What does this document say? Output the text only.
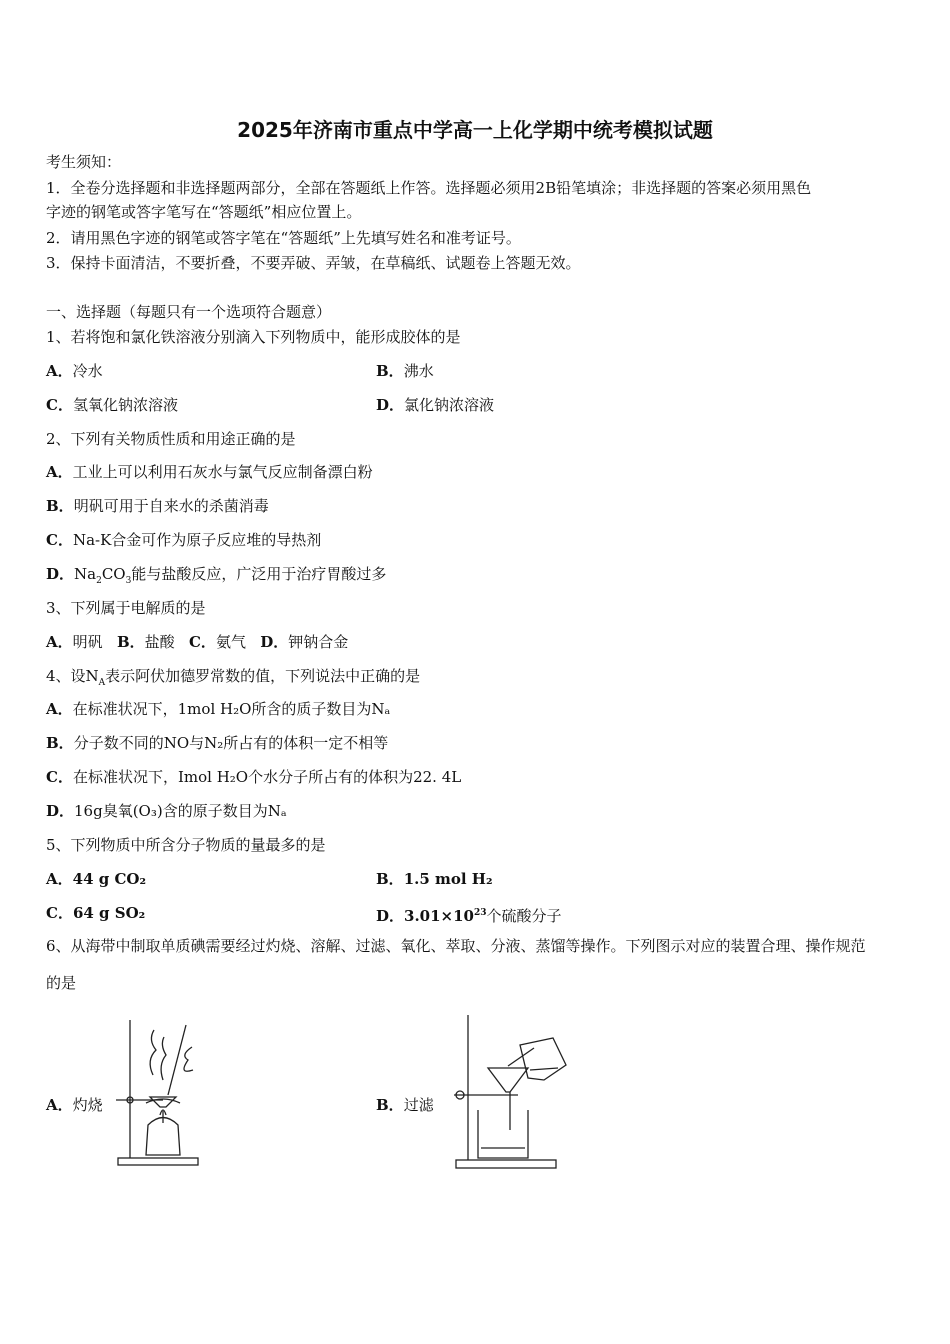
2025年济南市重点中学高一上化学期中统考模拟试题
考生须知：
1．全卷分选择题和非选择题两部分，全部在答题纸上作答。选择题必须用2B铅笔填涂；非选择题的答案必须用黑色
字迹的钢笔或答字笔写在“答题纸”相应位置上。
2．请用黑色字迹的钢笔或答字笔在“答题纸”上先填写姓名和准考证号。
3．保持卡面清洁，不要折叠，不要弄破、弄皱，在草稿纸、试题卷上答题无效。
一、选择题（每题只有一个选项符合题意）
1、若将饱和氯化铁溶液分别滴入下列物质中，能形成胶体的是
A．冷水	B．沸水
C．氢氧化钠浓溶液	D．氯化钠浓溶液
2、下列有关物质性质和用途正确的是
A．工业上可以利用石灰水与氯气反应制备漂白粉
B．明矾可用于自来水的杀菌消毒
C．Na-K合金可作为原子反应堆的导热剂
D．$Na_2CO_3$能与盐酸反应，广泛用于治疗胃酸过多
3、下列属于电解质的是
A．明矾 B．盐酸 C．氨气 D．钾钠合金
4、设$N_A$表示阿伏加德罗常数的值，下列说法中正确的是
A．在标准状况下，1mol H₂O所含的质子数目为Nₐ
B．分子数不同的NO与N₂所占有的体积一定不相等
C．在标准状况下，Imol H₂O个水分子所占有的体积为22. 4L
D．16g臭氧(O₃)含的原子数目为Nₐ
5、下列物质中所含分子物质的量最多的是
A．44 g CO₂	B．1.5 mol H₂
C．64 g SO₂	D．$3.01\times 10^{23}$个硫酸分子
6、从海带中制取单质碘需要经过灼烧、溶解、过滤、氧化、萃取、分液、蒸馏等操作。下列图示对应的装置合理、操作规范
的是
A．灼烧	B．过滤
